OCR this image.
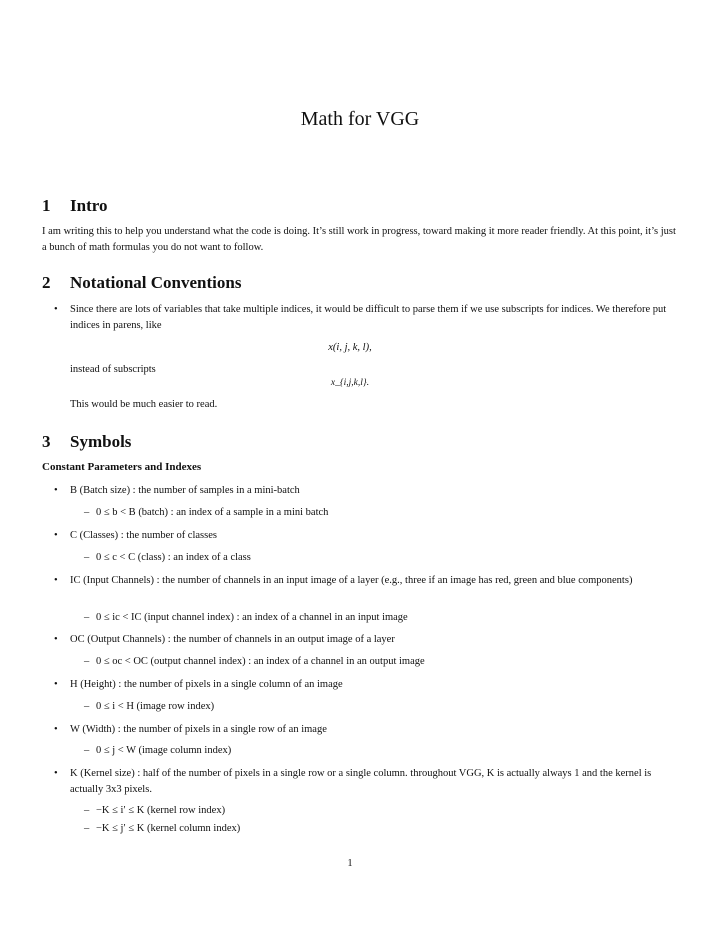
Math for VGG
1 Intro
I am writing this to help you understand what the code is doing. It’s still work in progress, toward making it more reader friendly. At this point, it’s just a bunch of math formulas you do not want to follow.
2 Notational Conventions
•	Since there are lots of variables that take multiple indices, it would be difficult to parse them if we use subscripts for indices. We therefore put indices in parens, like
x(i, j, k, l),
instead of subscripts
x_{i,j,k,l}.
This would be much easier to read.
3 Symbols
Constant Parameters and Indexes
•	B (Batch size) : the number of samples in a mini-batch
– 0 ≤ b < B (batch) : an index of a sample in a mini batch
•	C (Classes) : the number of classes
– 0 ≤ c < C (class) : an index of a class
•	IC (Input Channels) : the number of channels in an input image of a layer (e.g., three if an image has red, green and blue components)
– 0 ≤ ic < IC (input channel index) : an index of a channel in an input image
•	OC (Output Channels) : the number of channels in an output image of a layer
– 0 ≤ oc < OC (output channel index) : an index of a channel in an output image
•	H (Height) : the number of pixels in a single column of an image
– 0 ≤ i < H (image row index)
•	W (Width) : the number of pixels in a single row of an image
– 0 ≤ j < W (image column index)
•	K (Kernel size) : half of the number of pixels in a single row or a single column. throughout VGG, K is actually always 1 and the kernel is actually 3x3 pixels.
– −K ≤ i′ ≤ K (kernel row index)
– −K ≤ j′ ≤ K (kernel column index)
1
